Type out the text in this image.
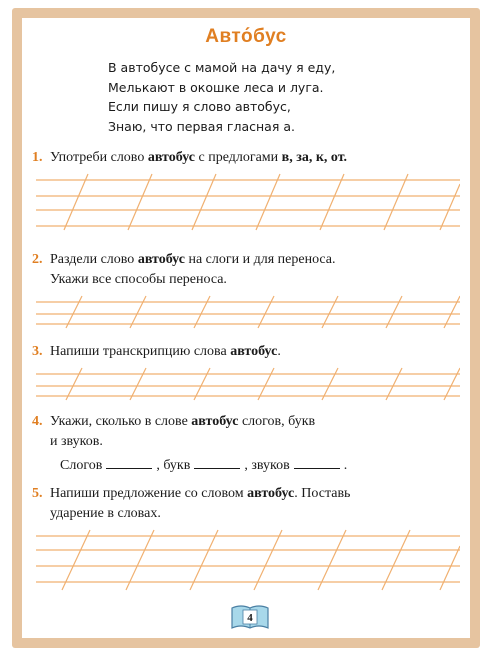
Авто́бус
В автобусе с мамой на дачу я еду,
Мелькают в окошке леса и луга.
Если пишу я слово автобус,
Знаю, что первая гласная а.
1. Употреби слово автобус с предлогами в, за, к, от.
2. Раздели слово автобус на слоги и для переноса.
Укажи все способы переноса.
3. Напиши транскрипцию слова автобус.
4. Укажи, сколько в слове автобус слогов, букв
и звуков.
Слогов	, букв	, звуков	.
5. Напиши предложение со словом автобус. Поставь
ударение в словах.
4
